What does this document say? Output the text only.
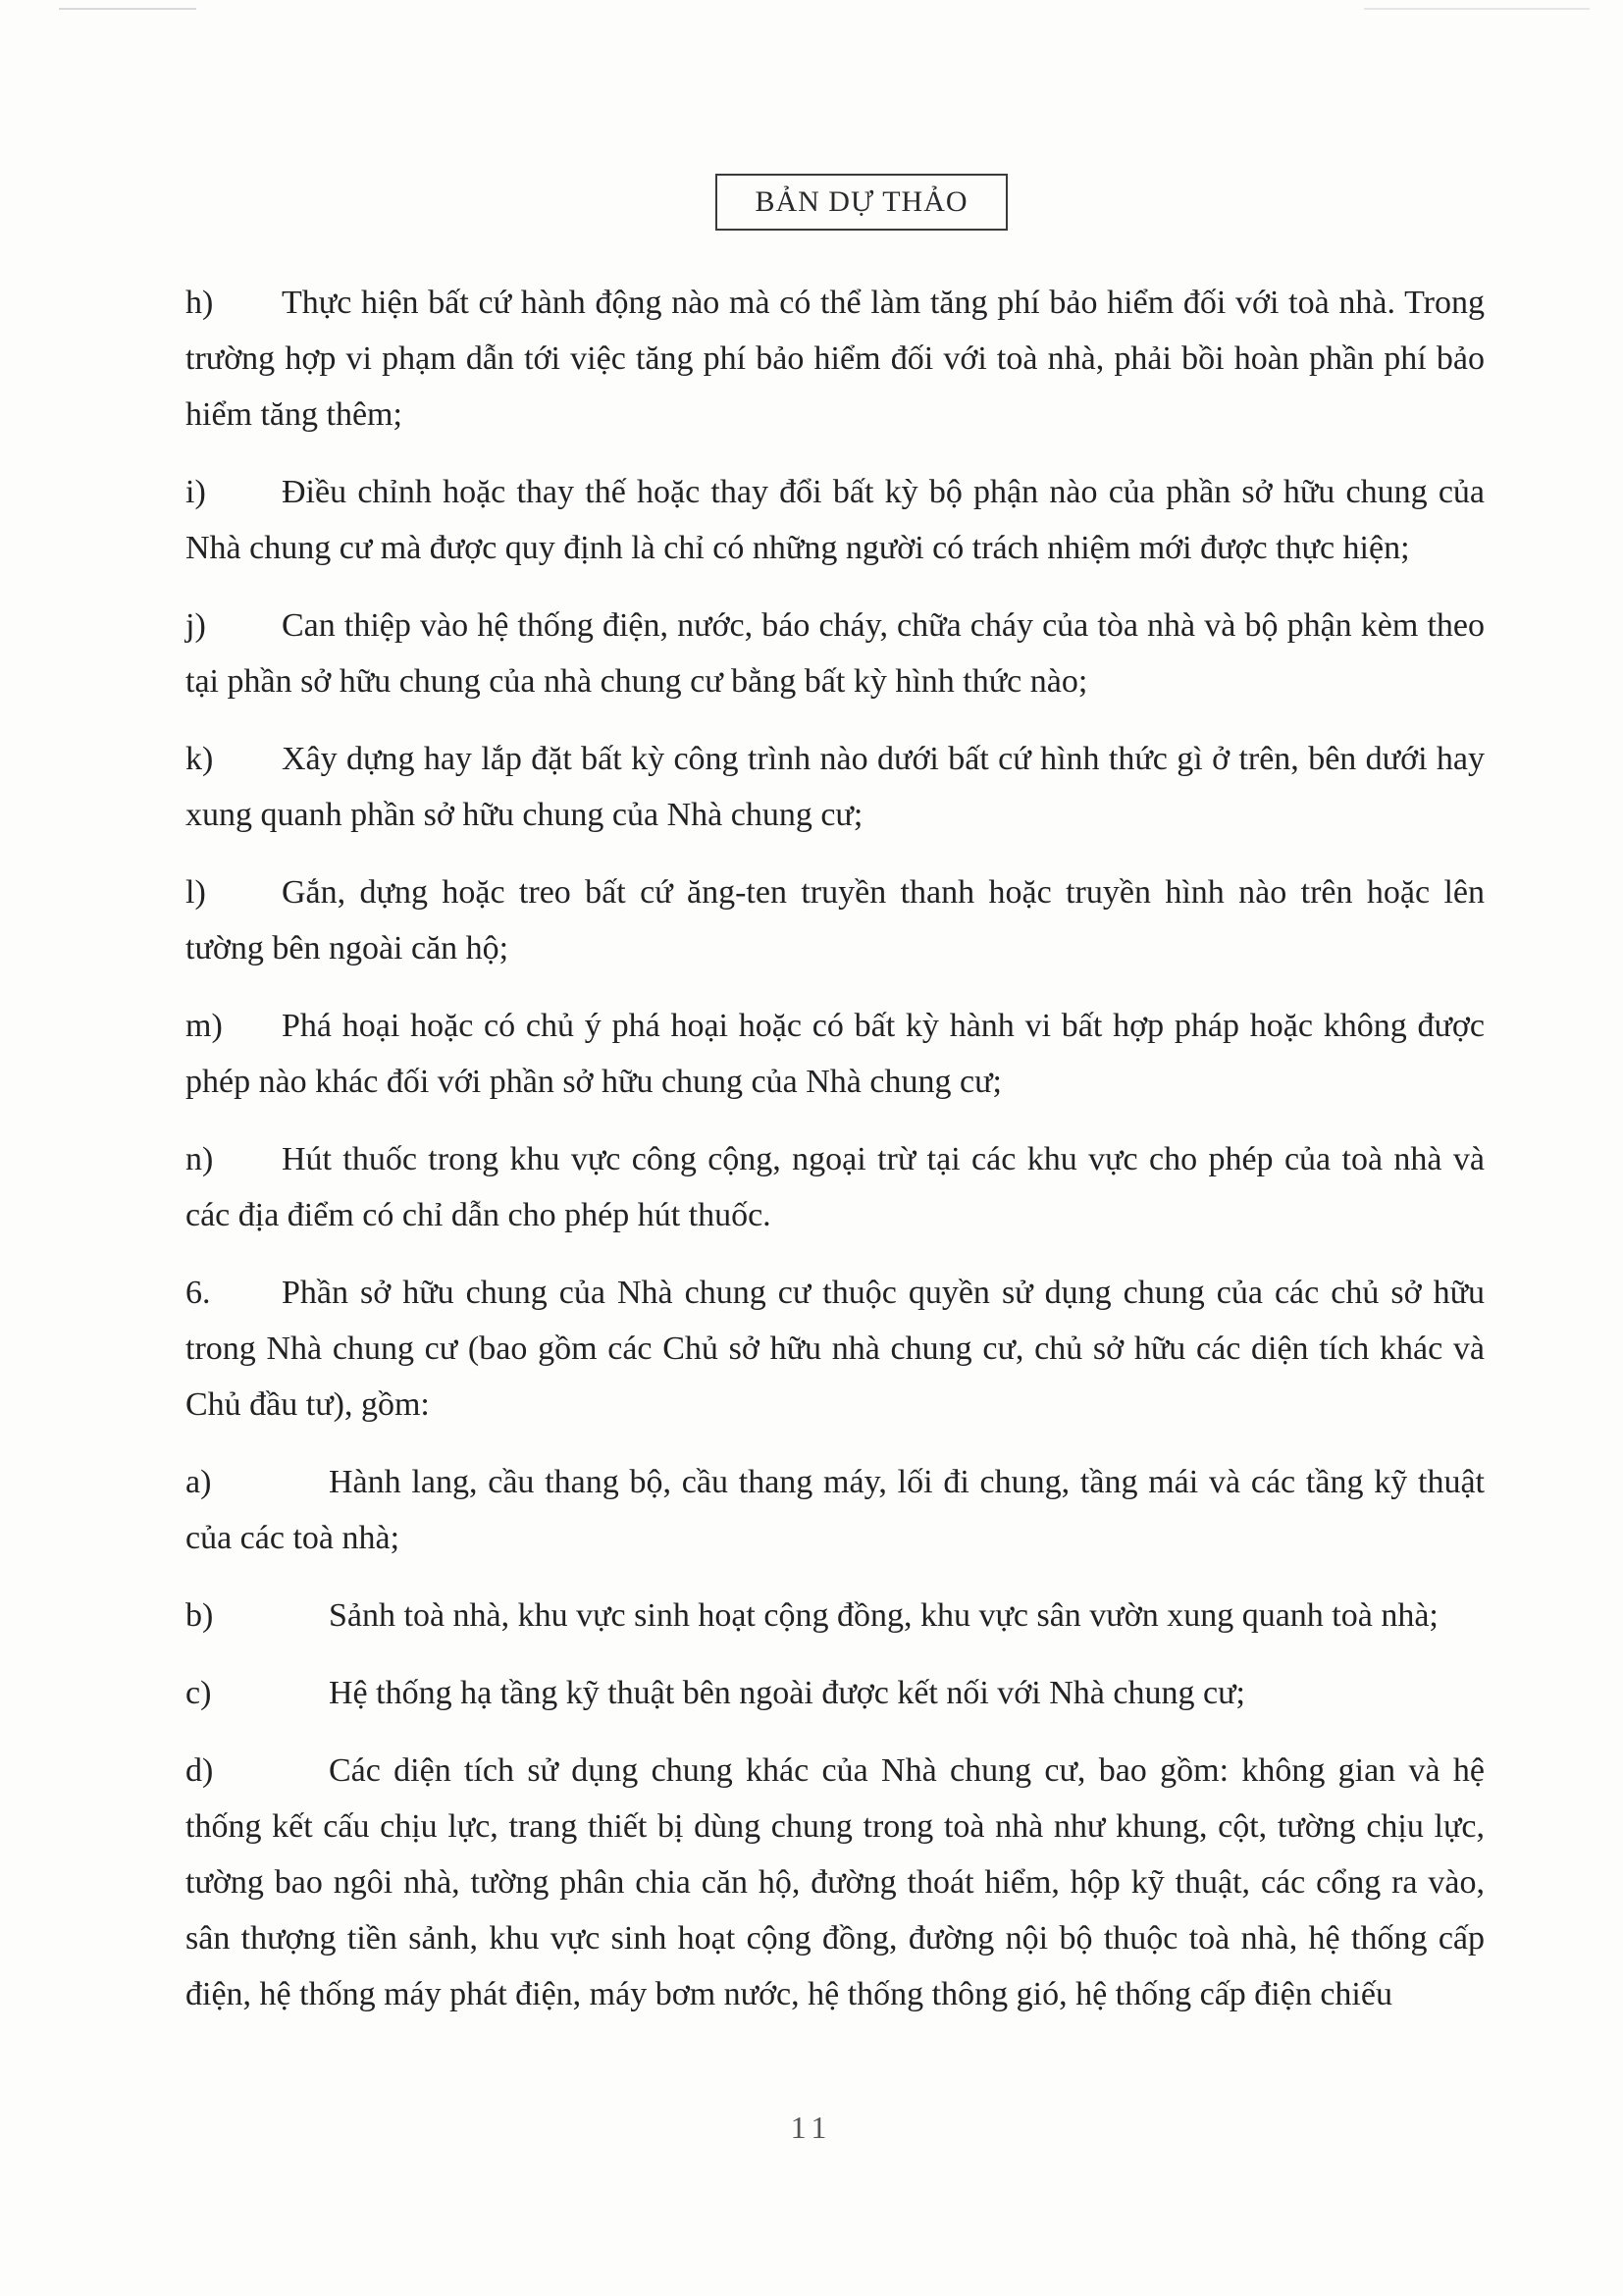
BẢN DỰ THẢO

h) Thực hiện bất cứ hành động nào mà có thể làm tăng phí bảo hiểm đối với toà nhà. Trong trường hợp vi phạm dẫn tới việc tăng phí bảo hiểm đối với toà nhà, phải bồi hoàn phần phí bảo hiểm tăng thêm;

i) Điều chỉnh hoặc thay thế hoặc thay đổi bất kỳ bộ phận nào của phần sở hữu chung của Nhà chung cư mà được quy định là chỉ có những người có trách nhiệm mới được thực hiện;

j) Can thiệp vào hệ thống điện, nước, báo cháy, chữa cháy của tòa nhà và bộ phận kèm theo tại phần sở hữu chung của nhà chung cư bằng bất kỳ hình thức nào;

k) Xây dựng hay lắp đặt bất kỳ công trình nào dưới bất cứ hình thức gì ở trên, bên dưới hay xung quanh phần sở hữu chung của Nhà chung cư;

l) Gắn, dựng hoặc treo bất cứ ăng-ten truyền thanh hoặc truyền hình nào trên hoặc lên tường bên ngoài căn hộ;

m) Phá hoại hoặc có chủ ý phá hoại hoặc có bất kỳ hành vi bất hợp pháp hoặc không được phép nào khác đối với phần sở hữu chung của Nhà chung cư;

n) Hút thuốc trong khu vực công cộng, ngoại trừ tại các khu vực cho phép của toà nhà và các địa điểm có chỉ dẫn cho phép hút thuốc.

6. Phần sở hữu chung của Nhà chung cư thuộc quyền sử dụng chung của các chủ sở hữu trong Nhà chung cư (bao gồm các Chủ sở hữu nhà chung cư, chủ sở hữu các diện tích khác và Chủ đầu tư), gồm:

a)	Hành lang, cầu thang bộ, cầu thang máy, lối đi chung, tầng mái và các tầng kỹ thuật của các toà nhà;

b)	Sảnh toà nhà, khu vực sinh hoạt cộng đồng, khu vực sân vườn xung quanh toà nhà;

c)	Hệ thống hạ tầng kỹ thuật bên ngoài được kết nối với Nhà chung cư;

d)	Các diện tích sử dụng chung khác của Nhà chung cư, bao gồm: không gian và hệ thống kết cấu chịu lực, trang thiết bị dùng chung trong toà nhà như khung, cột, tường chịu lực, tường bao ngôi nhà, tường phân chia căn hộ, đường thoát hiểm, hộp kỹ thuật, các cổng ra vào, sân thượng tiền sảnh, khu vực sinh hoạt cộng đồng, đường nội bộ thuộc toà nhà, hệ thống cấp điện, hệ thống máy phát điện, máy bơm nước, hệ thống thông gió, hệ thống cấp điện chiếu

11
